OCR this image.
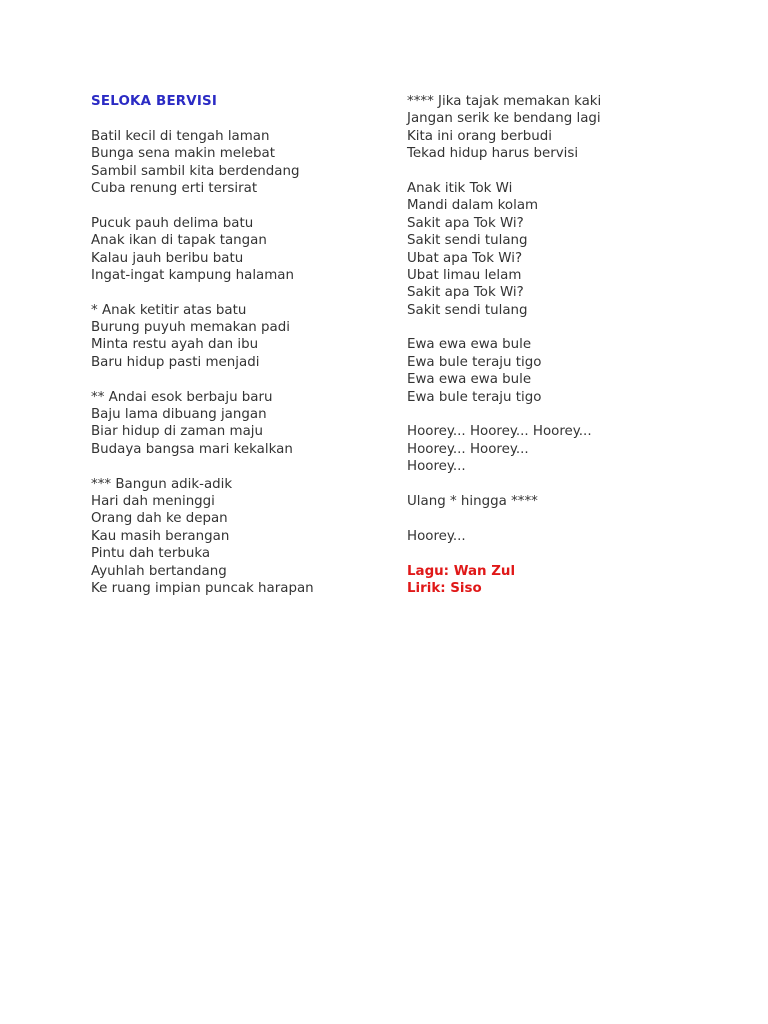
SELOKA BERVISI
Batil kecil di tengah laman
Bunga sena makin melebat
Sambil sambil kita berdendang
Cuba renung erti tersirat
Pucuk pauh delima batu
Anak ikan di tapak tangan
Kalau jauh beribu batu
Ingat-ingat kampung halaman
* Anak ketitir atas batu
Burung puyuh memakan padi
Minta restu ayah dan ibu
Baru hidup pasti menjadi
** Andai esok berbaju baru
Baju lama dibuang jangan
Biar hidup di zaman maju
Budaya bangsa mari kekalkan
*** Bangun adik-adik
Hari dah meninggi
Orang dah ke depan
Kau masih berangan
Pintu dah terbuka
Ayuhlah bertandang
Ke ruang impian puncak harapan
**** Jika tajak memakan kaki
Jangan serik ke bendang lagi
Kita ini orang berbudi
Tekad hidup harus bervisi
Anak itik Tok Wi
Mandi dalam kolam
Sakit apa Tok Wi?
Sakit sendi tulang
Ubat apa Tok Wi?
Ubat limau lelam
Sakit apa Tok Wi?
Sakit sendi tulang
Ewa ewa ewa bule
Ewa bule teraju tigo
Ewa ewa ewa bule
Ewa bule teraju tigo
Hoorey... Hoorey... Hoorey...
Hoorey... Hoorey...
Hoorey...
Ulang * hingga ****
Hoorey...
Lagu: Wan Zul
Lirik: Siso
